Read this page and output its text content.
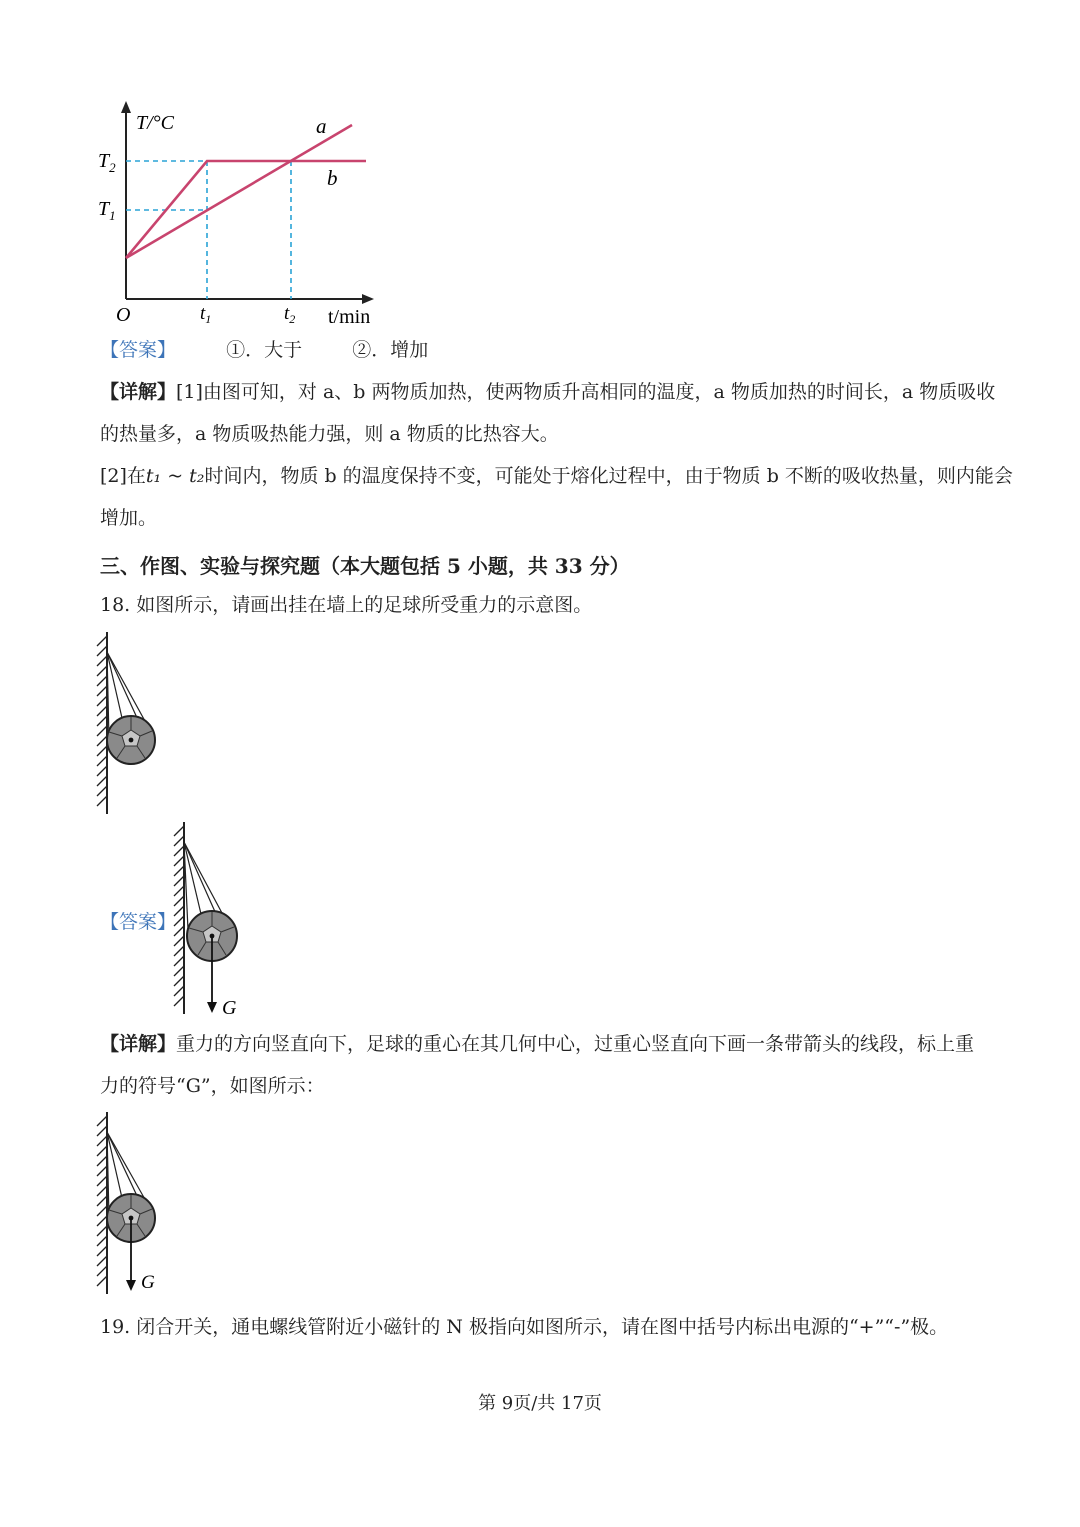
T/°C	a
b
$T_2$
$T_1$
O	$t_1$	$t_2$ t/min
【答案】	①．大于	②．增加
【详解】[1]由图可知，对 a、b 两物质加热，使两物质升高相同的温度，a 物质加热的时间长，a 物质吸收
的热量多，a 物质吸热能力强，则 a 物质的比热容大。
[2]在t₁ ~ t₂时间内，物质 b 的温度保持不变，可能处于熔化过程中，由于物质 b 不断的吸收热量，则内能会
增加。
三、作图、实验与探究题（本大题包括 5 小题，共 33 分）
18. 如图所示，请画出挂在墙上的足球所受重力的示意图。
【答案】
G
【详解】重力的方向竖直向下，足球的重心在其几何中心，过重心竖直向下画一条带箭头的线段，标上重
力的符号“G”，如图所示：
G
19. 闭合开关，通电螺线管附近小磁针的 N 极指向如图所示，请在图中括号内标出电源的“+”“-”极。
第 9页/共 17页
